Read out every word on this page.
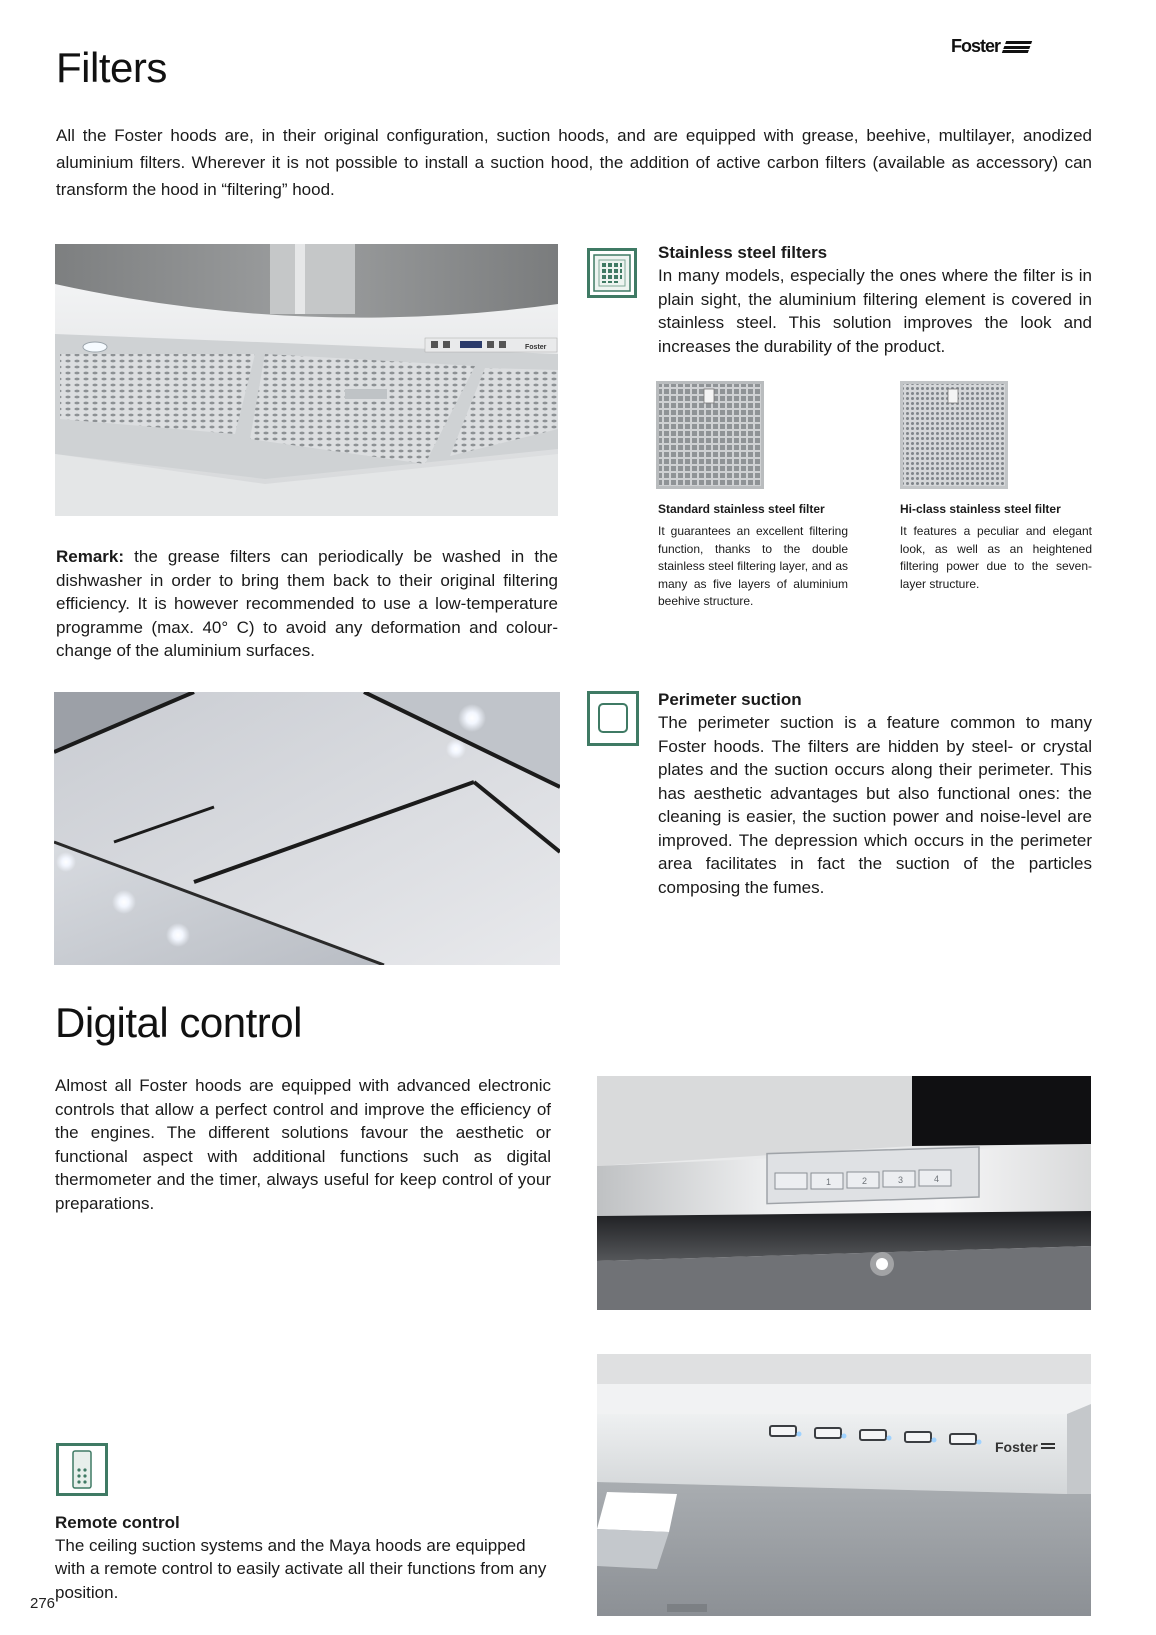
Foster
Filters
All the Foster hoods are, in their original configuration, suction hoods, and are equipped with grease, beehive, multilayer, anodized aluminium filters. Wherever it is not possible to install a suction hood, the addition of active carbon filters (available as accessory) can transform the hood in “filtering” hood.
Foster
Stainless steel filters
In many models, especially the ones where the filter is in plain sight, the aluminium filtering element is covered in stainless steel. This solution improves the look and increases the durability of the product.
Standard stainless steel filter
It guarantees an excellent filtering function, thanks to the double stainless steel filtering layer, and as many as five layers of aluminium beehive structure.
Hi-class stainless steel filter
It features a peculiar and elegant look, as well as an heightened filtering power due to the seven-layer structure.
Remark: the grease filters can periodically be washed in the dishwasher in order to bring them back to their original filtering efficiency. It is however recommended to use a low-temperature programme (max. 40° C) to avoid any deformation and colour-change of the aluminium surfaces.
Perimeter suction
The perimeter suction is a feature common to many Foster hoods. The filters are hidden by steel- or crystal plates and the suction occurs along their perimeter. This has aesthetic advantages but also functional ones: the cleaning is easier, the suction power and noise-level are improved. The depression which occurs in the perimeter area facilitates in fact the suction of the particles composing the fumes.
Digital control
Almost all Foster hoods are equipped with advanced electronic controls that allow a perfect control and improve the efficiency of the engines. The different solutions favour the aesthetic or functional aspect with additional functions such as digital thermometer and the timer, always useful for keep control of your preparations.
1	2	3	4
Foster
Remote control
The ceiling suction systems and the Maya hoods are equipped with a remote control to easily activate all their functions from any position.
276
